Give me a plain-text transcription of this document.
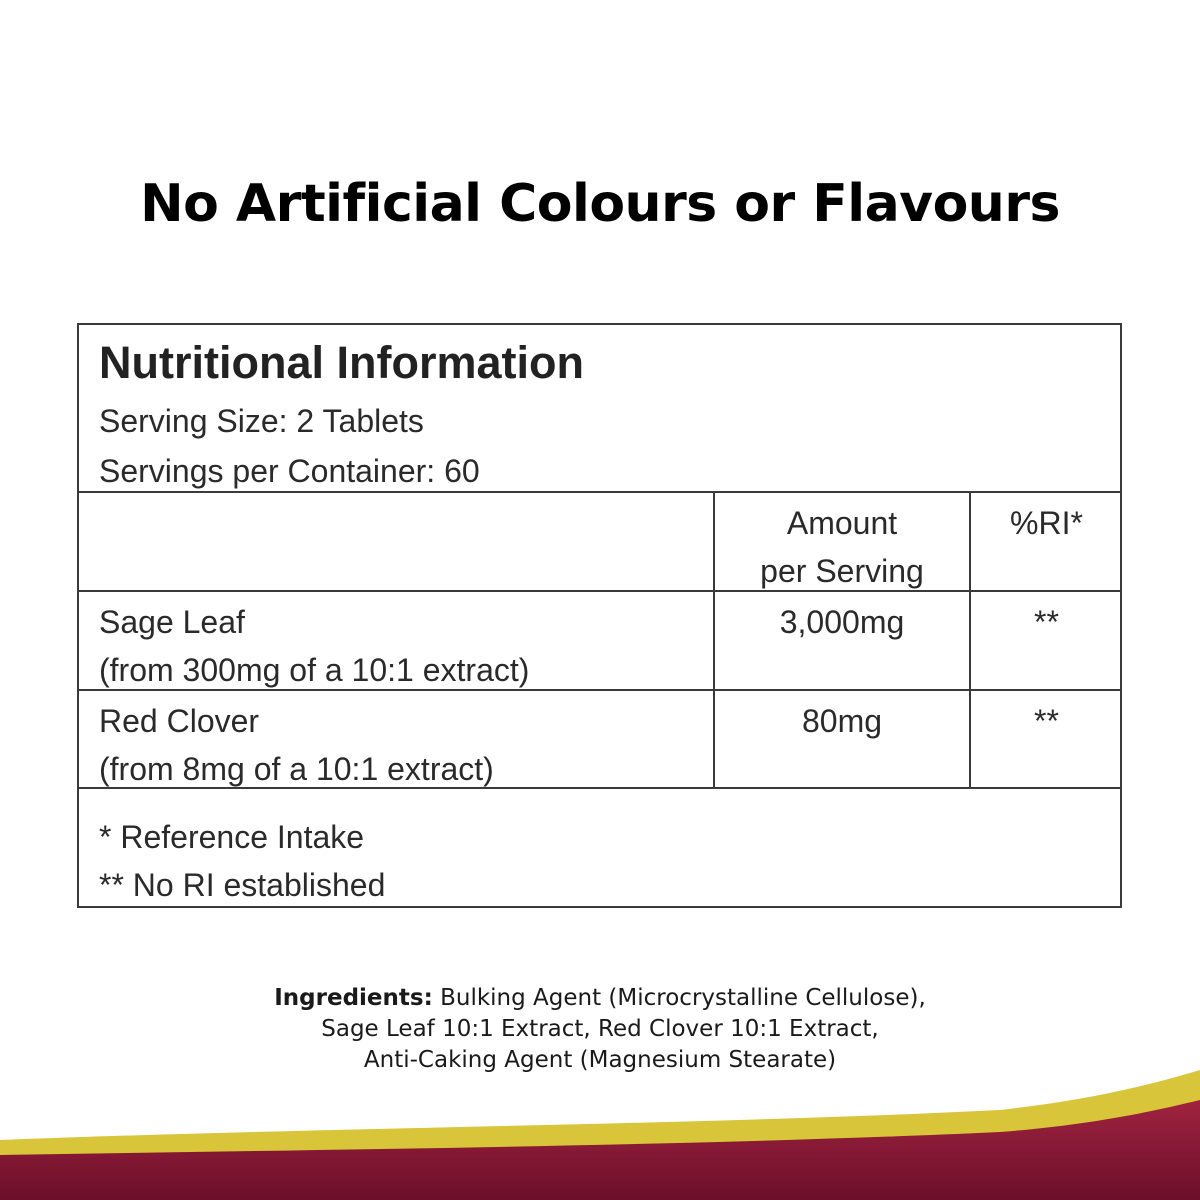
No Artificial Colours or Flavours
Nutritional Information
Serving Size: 2 Tablets
Servings per Container: 60
Amount
per Serving
%RI*
Sage Leaf
(from 300mg of a 10:1 extract)
3,000mg	**
Red Clover
(from 8mg of a 10:1 extract)
80mg	**
* Reference Intake
** No RI established
Ingredients: Bulking Agent (Microcrystalline Cellulose),
Sage Leaf 10:1 Extract, Red Clover 10:1 Extract,
Anti-Caking Agent (Magnesium Stearate)
